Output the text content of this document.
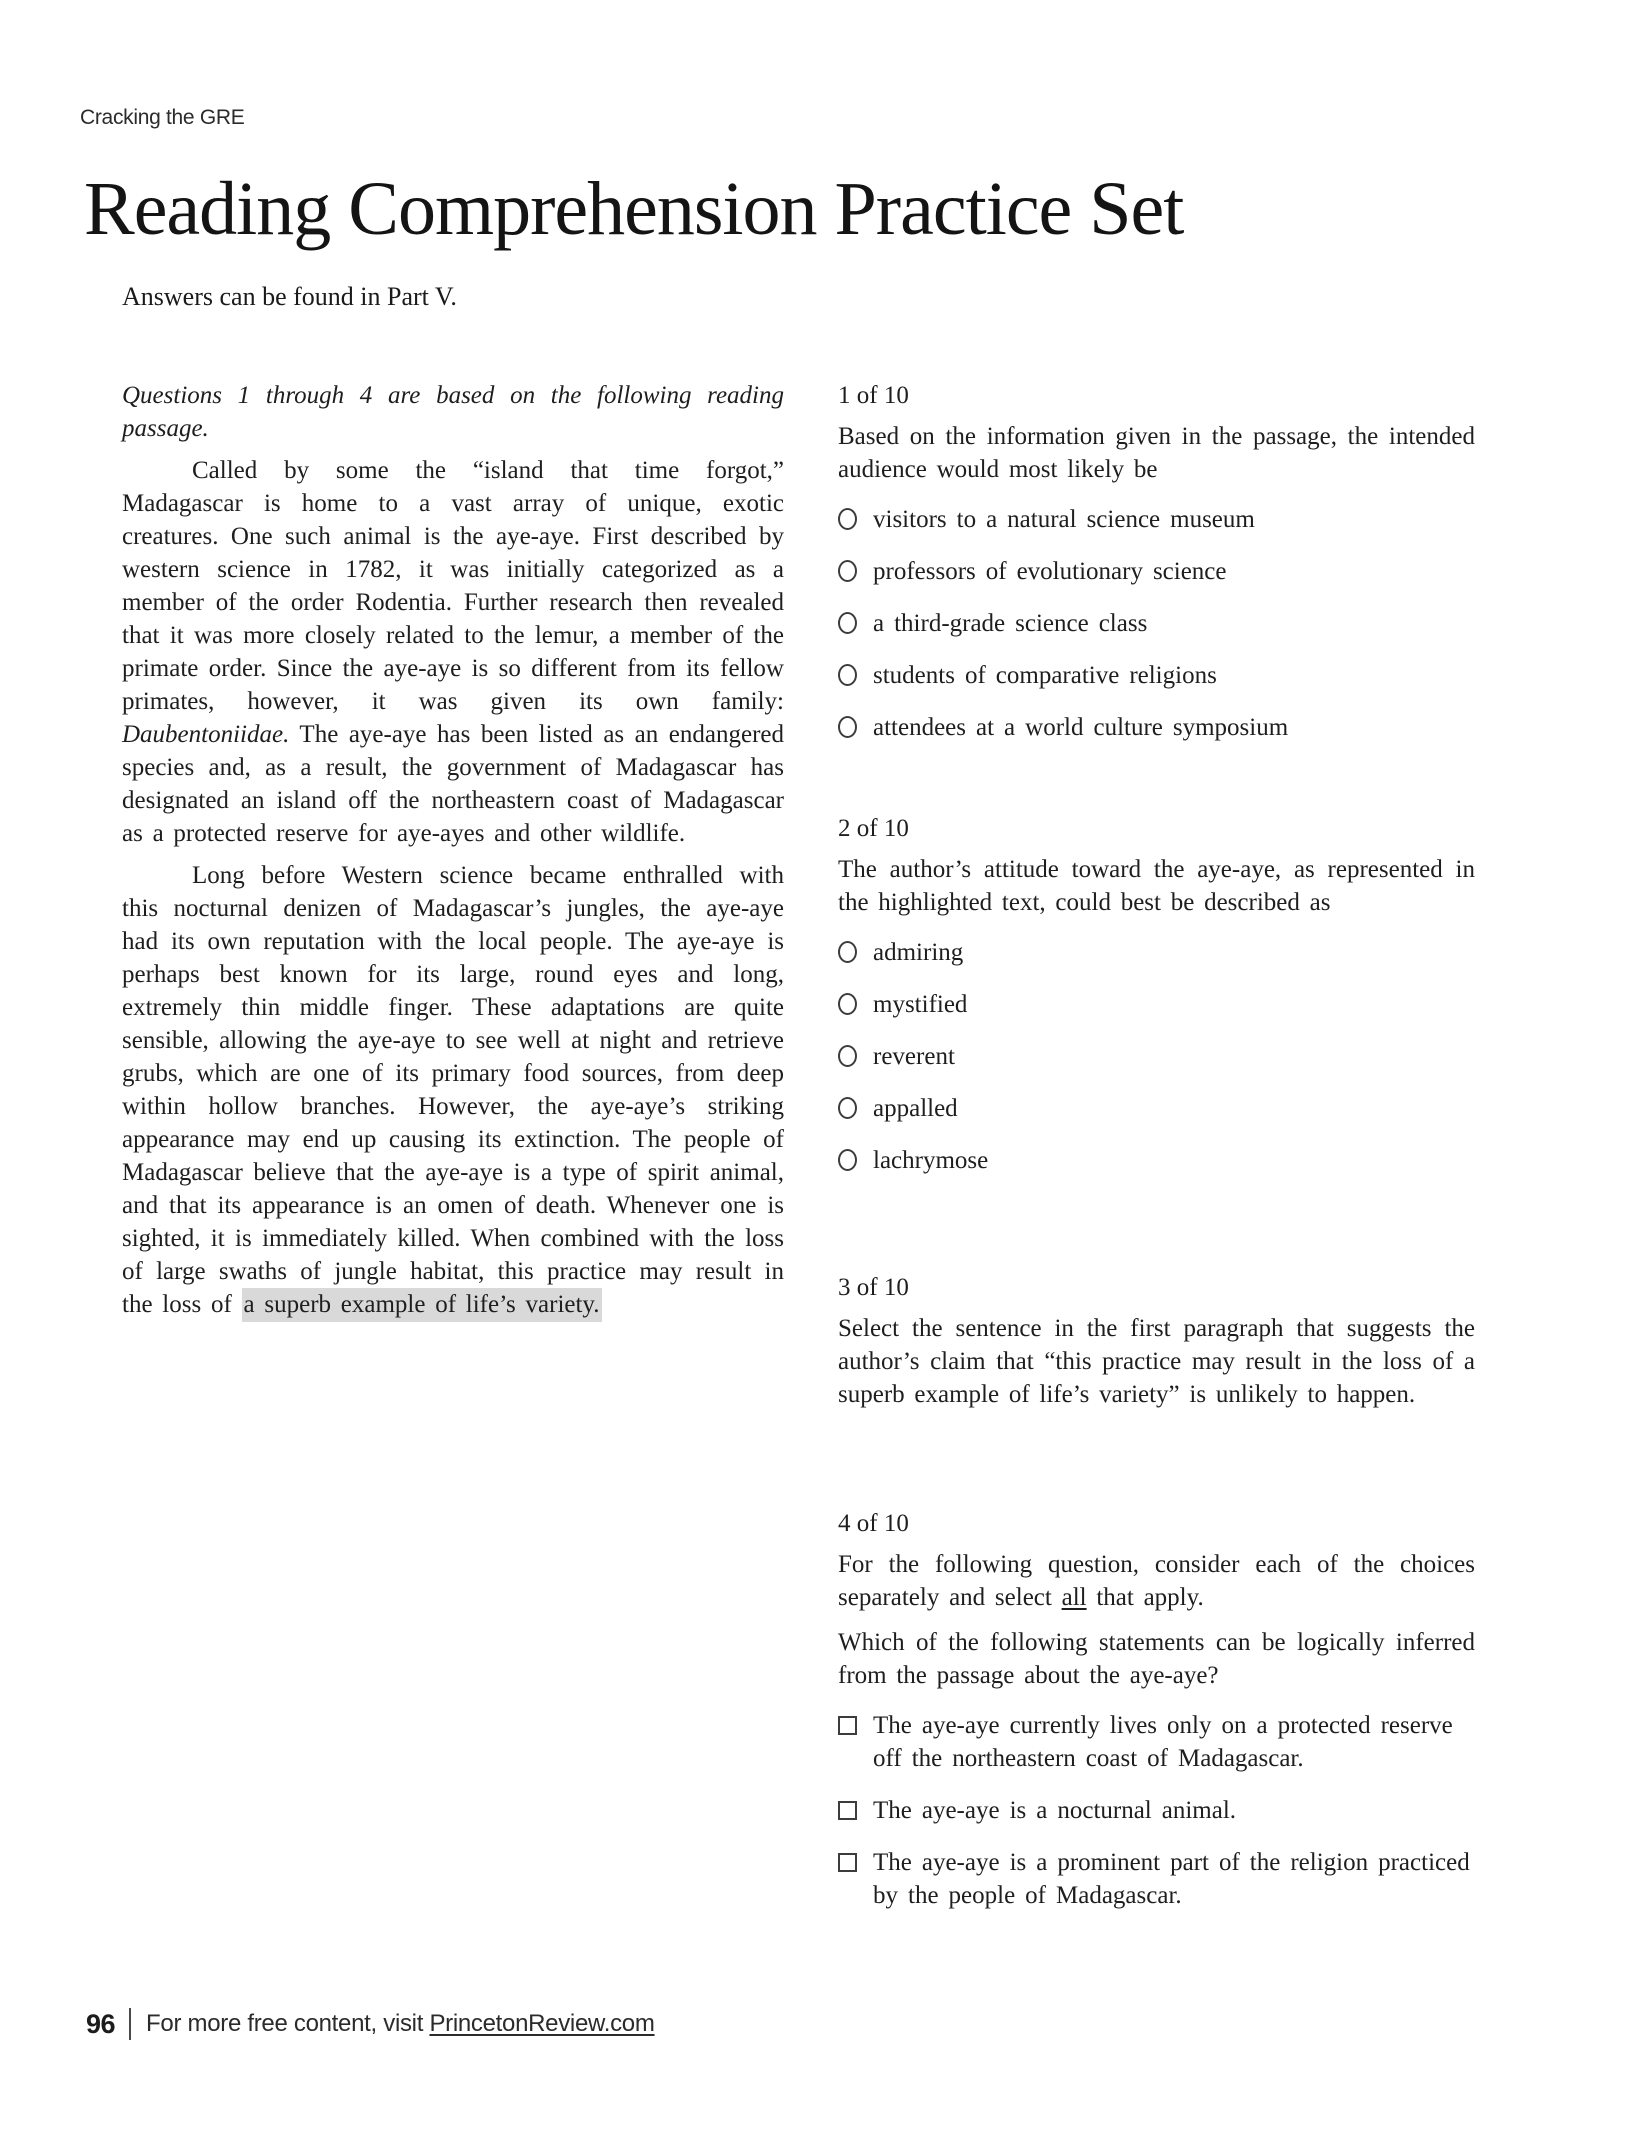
Cracking the GRE
Reading Comprehension Practice Set
Answers can be found in Part V.

Questions 1 through 4 are based on the following reading passage.

Called by some the “island that time forgot,” Madagascar is home to a vast array of unique, exotic creatures. One such animal is the aye-aye. First described by western science in 1782, it was initially categorized as a member of the order Rodentia. Further research then revealed that it was more closely related to the lemur, a member of the primate order. Since the aye-aye is so different from its fellow primates, however, it was given its own family: Daubentoniidae. The aye-aye has been listed as an endangered species and, as a result, the government of Madagascar has designated an island off the northeastern coast of Madagascar as a protected reserve for aye-ayes and other wildlife.

Long before Western science became enthralled with this nocturnal denizen of Madagascar’s jungles, the aye-aye had its own reputation with the local people. The aye-aye is perhaps best known for its large, round eyes and long, extremely thin middle finger. These adaptations are quite sensible, allowing the aye-aye to see well at night and retrieve grubs, which are one of its primary food sources, from deep within hollow branches. However, the aye-aye’s striking appearance may end up causing its extinction. The people of Madagascar believe that the aye-aye is a type of spirit animal, and that its appearance is an omen of death. Whenever one is sighted, it is immediately killed. When combined with the loss of large swaths of jungle habitat, this practice may result in the loss of a superb example of life’s variety.

1 of 10

Based on the information given in the passage, the intended audience would most likely be

visitors to a natural science museum
professors of evolutionary science
a third-grade science class
students of comparative religions
attendees at a world culture symposium
2 of 10

The author’s attitude toward the aye-aye, as represented in the highlighted text, could best be described as

admiring
mystified
reverent
appalled
lachrymose
3 of 10

Select the sentence in the first paragraph that suggests the author’s claim that “this practice may result in the loss of a superb example of life’s variety” is unlikely to happen.

4 of 10

For the following question, consider each of the choices separately and select all that apply.

Which of the following statements can be logically inferred from the passage about the aye-aye?

The aye-aye currently lives only on a protected reserve off the northeastern coast of Madagascar.
The aye-aye is a nocturnal animal.
The aye-aye is a prominent part of the religion practiced by the people of Madagascar.
96 For more free content, visit PrincetonReview.com
